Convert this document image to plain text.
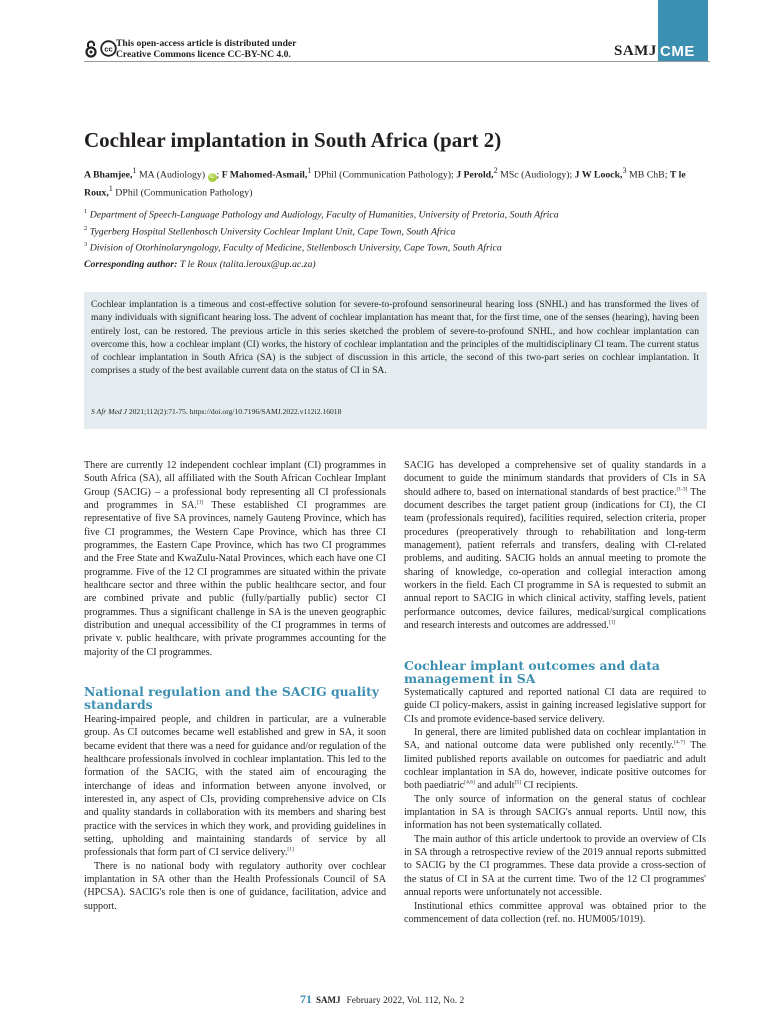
cc This open-access article is distributed under
Creative Commons licence CC-BY-NC 4.0.	SAMJ CME
Cochlear implantation in South Africa (part 2)
A Bhamjee,$^1$ MA (Audiology) iD ; F Mahomed-Asmail,$^1$ DPhil (Communication Pathology); J Perold,$^2$ MSc (Audiology); J W Loock,$^3$ MB ChB; T le Roux,$^1$ DPhil (Communication Pathology)
$^1$ Department of Speech-Language Pathology and Audiology, Faculty of Humanities, University of Pretoria, South Africa
$^2$ Tygerberg Hospital Stellenbosch University Cochlear Implant Unit, Cape Town, South Africa
$^3$ Division of Otorhinolaryngology, Faculty of Medicine, Stellenbosch University, Cape Town, South Africa
Corresponding author: T le Roux (talita.leroux@up.ac.za)

Cochlear implantation is a timeous and cost-effective solution for severe-to-profound sensorineural hearing loss (SNHL) and has transformed the lives of many individuals with significant hearing loss. The advent of cochlear implantation has meant that, for the first time, one of the senses (hearing), having been entirely lost, can be restored. The previous article in this series sketched the problem of severe-to-profound SNHL, and how cochlear implantation can overcome this, how a cochlear implant (CI) works, the history of cochlear implantation and the principles of the multidisciplinary CI team. The current status of cochlear implantation in South Africa (SA) is the subject of discussion in this article, the second of this two-part series on cochlear implantation. It comprises a study of the best available current data on the status of CI in SA.

S Afr Med J 2021;112(2):71-75. https://doi.org/10.7196/SAMJ.2022.v112i2.16018

There are currently 12 independent cochlear implant (CI) programmes in South Africa (SA), all affiliated with the South African Cochlear Implant Group (SACIG) – a professional body representing all CI professionals and programmes in SA.[1] These established CI programmes are representative of five SA provinces, namely Gauteng Province, which has five CI programmes, the Western Cape Province, which has three CI programmes, the Eastern Cape Province, which has two CI programmes and the Free State and KwaZulu-Natal Provinces, which each have one CI programme. Five of the 12 CI programmes are situated within the private healthcare sector and three within the public healthcare sector, and four are combined private and public (fully/partially public) sector CI programmes. Thus a significant challenge in SA is the uneven geographic distribution and unequal accessibility of the CI programmes in terms of private v. public healthcare, with private programmes accounting for the majority of the CI programmes.

National regulation and the SACIG quality standards

Hearing-impaired people, and children in particular, are a vulnerable group. As CI outcomes became well established and grew in SA, it soon became evident that there was a need for guidance and/or regulation of the healthcare professionals involved in cochlear implantation. This led to the formation of the SACIG, with the stated aim of encouraging the interchange of ideas and information between anyone involved, or interested in, any aspect of CIs, providing comprehensive advice on CIs and quality standards in collaboration with its members and sharing best practice with the services in which they work, and providing guidelines in setting, upholding and maintaining standards of service by all professionals that form part of CI service delivery.[1]

There is no national body with regulatory authority over cochlear implantation in SA other than the Health Professionals Council of SA (HPCSA). SACIG's role then is one of guidance, facilitation, advice and support.

SACIG has developed a comprehensive set of quality standards in a document to guide the minimum standards that providers of CIs in SA should adhere to, based on international standards of best practice.[1-3] The document describes the target patient group (indications for CI), the CI team (professionals required), facilities required, selection criteria, proper procedures (preoperatively through to rehabilitation and long-term management), patient referrals and transfers, dealing with CI-related problems, and auditing. SACIG holds an annual meeting to promote the sharing of knowledge, co-operation and collegial interaction among workers in the field. Each CI programme in SA is requested to submit an annual report to SACIG in which clinical activity, staffing levels, patient performance outcomes, device failures, medical/surgical complications and research interests and outcomes are addressed.[1]

Cochlear implant outcomes and data management in SA

Systematically captured and reported national CI data are required to guide CI policy-makers, assist in gaining increased legislative support for CIs and promote evidence-based service delivery.

In general, there are limited published data on cochlear implantation in SA, and national outcome data were published only recently.[4-7] The limited published reports available on outcomes for paediatric and adult cochlear implantation in SA do, however, indicate positive outcomes for both paediatric[4,6] and adult[5] CI recipients.

The only source of information on the general status of cochlear implantation in SA is through SACIG's annual reports. Until now, this information has not been systematically collated.

The main author of this article undertook to provide an overview of CIs in SA through a retrospective review of the 2019 annual reports submitted to SACIG by the CI programmes. These data provide a cross-section of the status of CI in SA at the current time. Two of the 12 CI programmes' annual reports were unfortunately not accessible.

Institutional ethics committee approval was obtained prior to the commencement of data collection (ref. no. HUM005/1019).

71 SAMJ February 2022, Vol. 112, No. 2
